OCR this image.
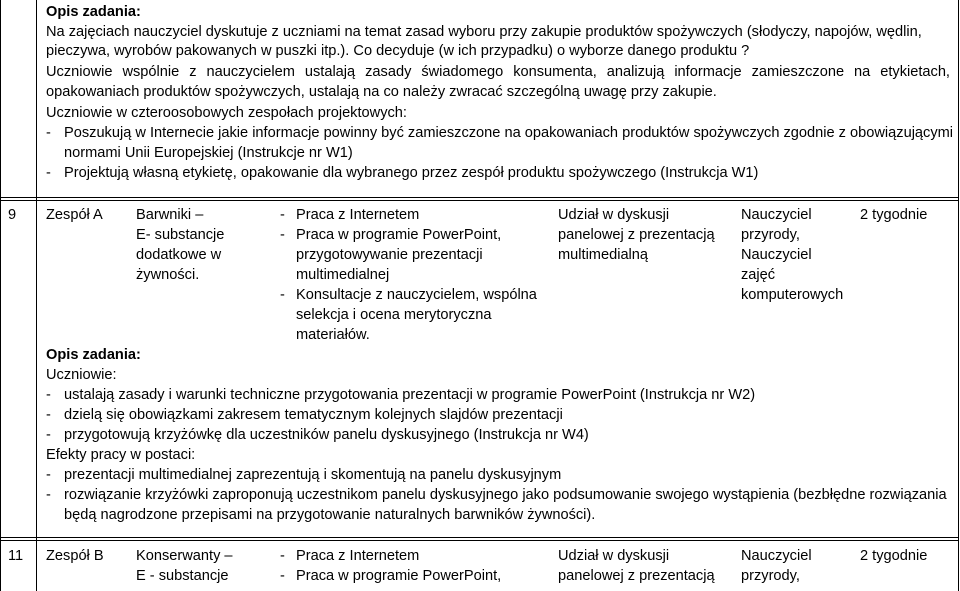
Opis zadania:
Na zajęciach nauczyciel dyskutuje z uczniami na temat zasad wyboru przy zakupie produktów spożywczych (słodyczy, napojów, wędlin,
pieczywa, wyrobów pakowanych w puszki itp.). Co decyduje (w ich przypadku) o wyborze danego produktu ?
Uczniowie wspólnie z nauczycielem ustalają zasady świadomego konsumenta, analizują informacje zamieszczone na etykietach,
opakowaniach produktów spożywczych, ustalają na co należy zwracać szczególną uwagę przy zakupie.
Uczniowie w czteroosobowych zespołach projektowych:
- Poszukują w Internecie jakie informacje powinny być zamieszczone na opakowaniach produktów spożywczych zgodnie z obowiązującymi
normami Unii Europejskiej (Instrukcje nr W1)
- Projektują własną etykietę, opakowanie dla wybranego przez zespół produktu spożywczego (Instrukcja W1)
9 Zespół A Barwniki –
E- substancje
dodatkowe w
żywności.
- Praca z Internetem
- Praca w programie PowerPoint,
przygotowywanie prezentacji
multimedialnej
- Konsultacje z nauczycielem, wspólna
selekcja i ocena merytoryczna
materiałów.
Udział w dyskusji
panelowej z prezentacją
multimedialną
Nauczyciel
przyrody,
Nauczyciel
zajęć
komputerowych
2 tygodnie
Opis zadania:
Uczniowie:
- ustalają zasady i warunki techniczne przygotowania prezentacji w programie PowerPoint (Instrukcja nr W2)
- dzielą się obowiązkami zakresem tematycznym kolejnych slajdów prezentacji
- przygotowują krzyżówkę dla uczestników panelu dyskusyjnego (Instrukcja nr W4)
Efekty pracy w postaci:
- prezentacji multimedialnej zaprezentują i skomentują na panelu dyskusyjnym
- rozwiązanie krzyżówki zaproponują uczestnikom panelu dyskusyjnego jako podsumowanie swojego wystąpienia (bezbłędne rozwiązania
będą nagrodzone przepisami na przygotowanie naturalnych barwników żywności).
11 Zespół B Konserwanty –
E - substancje
- Praca z Internetem
- Praca w programie PowerPoint,
Udział w dyskusji
panelowej z prezentacją
Nauczyciel
przyrody,
2 tygodnie
